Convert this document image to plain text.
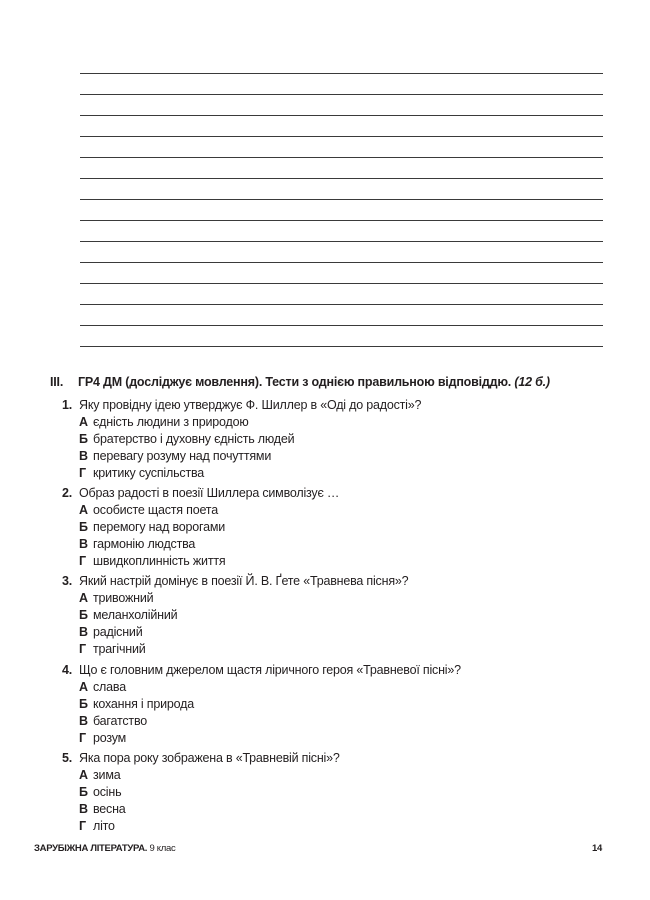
III.	ГР4 ДМ (досліджує мовлення). Тести з однією правильною відповіддю.
(12 б.)
1. Яку провідну ідею утверджує Ф. Шиллер в «Оді до радості»?
А єдність людини з природою
Б братерство і духовну єдність людей
В перевагу розуму над почуттями
Г критику суспільства
2. Образ радості в поезії Шиллера символізує …
А особисте щастя поета
Б перемогу над ворогами
В гармонію людства
Г швидкоплинність життя
3. Який настрій домінує в поезії Й. В. Ґете «Травнева пісня»?
А тривожний
Б меланхолійний
В радісний
Г трагічний
4. Що є головним джерелом щастя ліричного героя «Травневої пісні»?
А слава
Б кохання і природа
В багатство
Г розум
5. Яка пора року зображена в «Травневій пісні»?
А зима
Б осінь
В весна
Г літо
ЗАРУБІЖНА ЛІТЕРАТУРА. 9 клас	14
